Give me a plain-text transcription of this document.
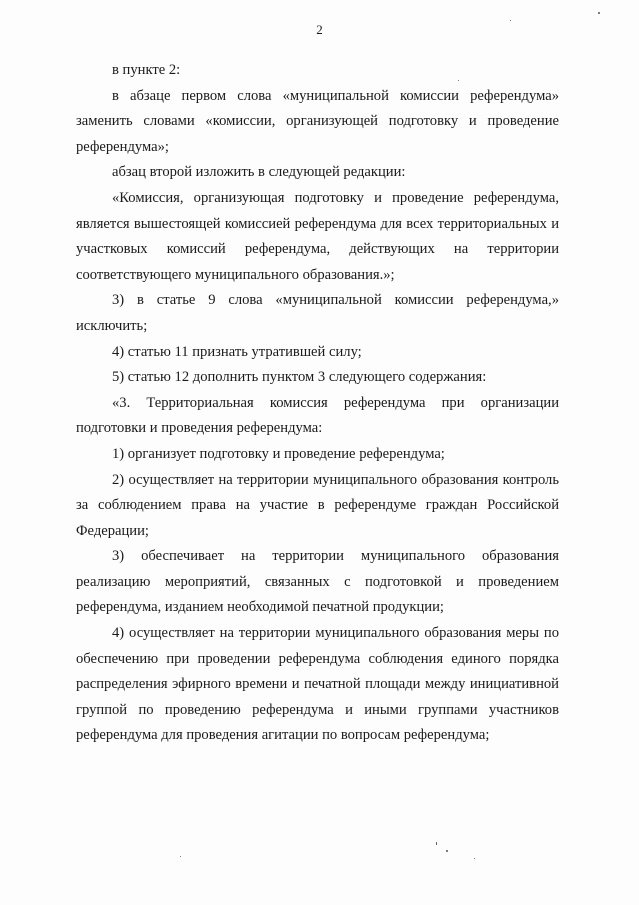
2

в пункте 2:

в абзаце первом слова «муниципальной комиссии референдума» заменить словами «комиссии, организующей подготовку и проведение референдума»;

абзац второй изложить в следующей редакции:

«Комиссия, организующая подготовку и проведение референдума, является вышестоящей комиссией референдума для всех территориальных и участковых комиссий референдума, действующих на территории соответствующего муниципального образования.»;

3) в статье 9 слова «муниципальной комиссии референдума,» исключить;

4) статью 11 признать утратившей силу;

5) статью 12 дополнить пунктом 3 следующего содержания:

«3. Территориальная комиссия референдума при организации подготовки и проведения референдума:

1) организует подготовку и проведение референдума;

2) осуществляет на территории муниципального образования контроль за соблюдением права на участие в референдуме граждан Российской Федерации;

3) обеспечивает на территории муниципального образования реализацию мероприятий, связанных с подготовкой и проведением референдума, изданием необходимой печатной продукции;

4) осуществляет на территории муниципального образования меры по обеспечению при проведении референдума соблюдения единого порядка распределения эфирного времени и печатной площади между инициативной группой по проведению референдума и иными группами участников референдума для проведения агитации по вопросам референдума;
